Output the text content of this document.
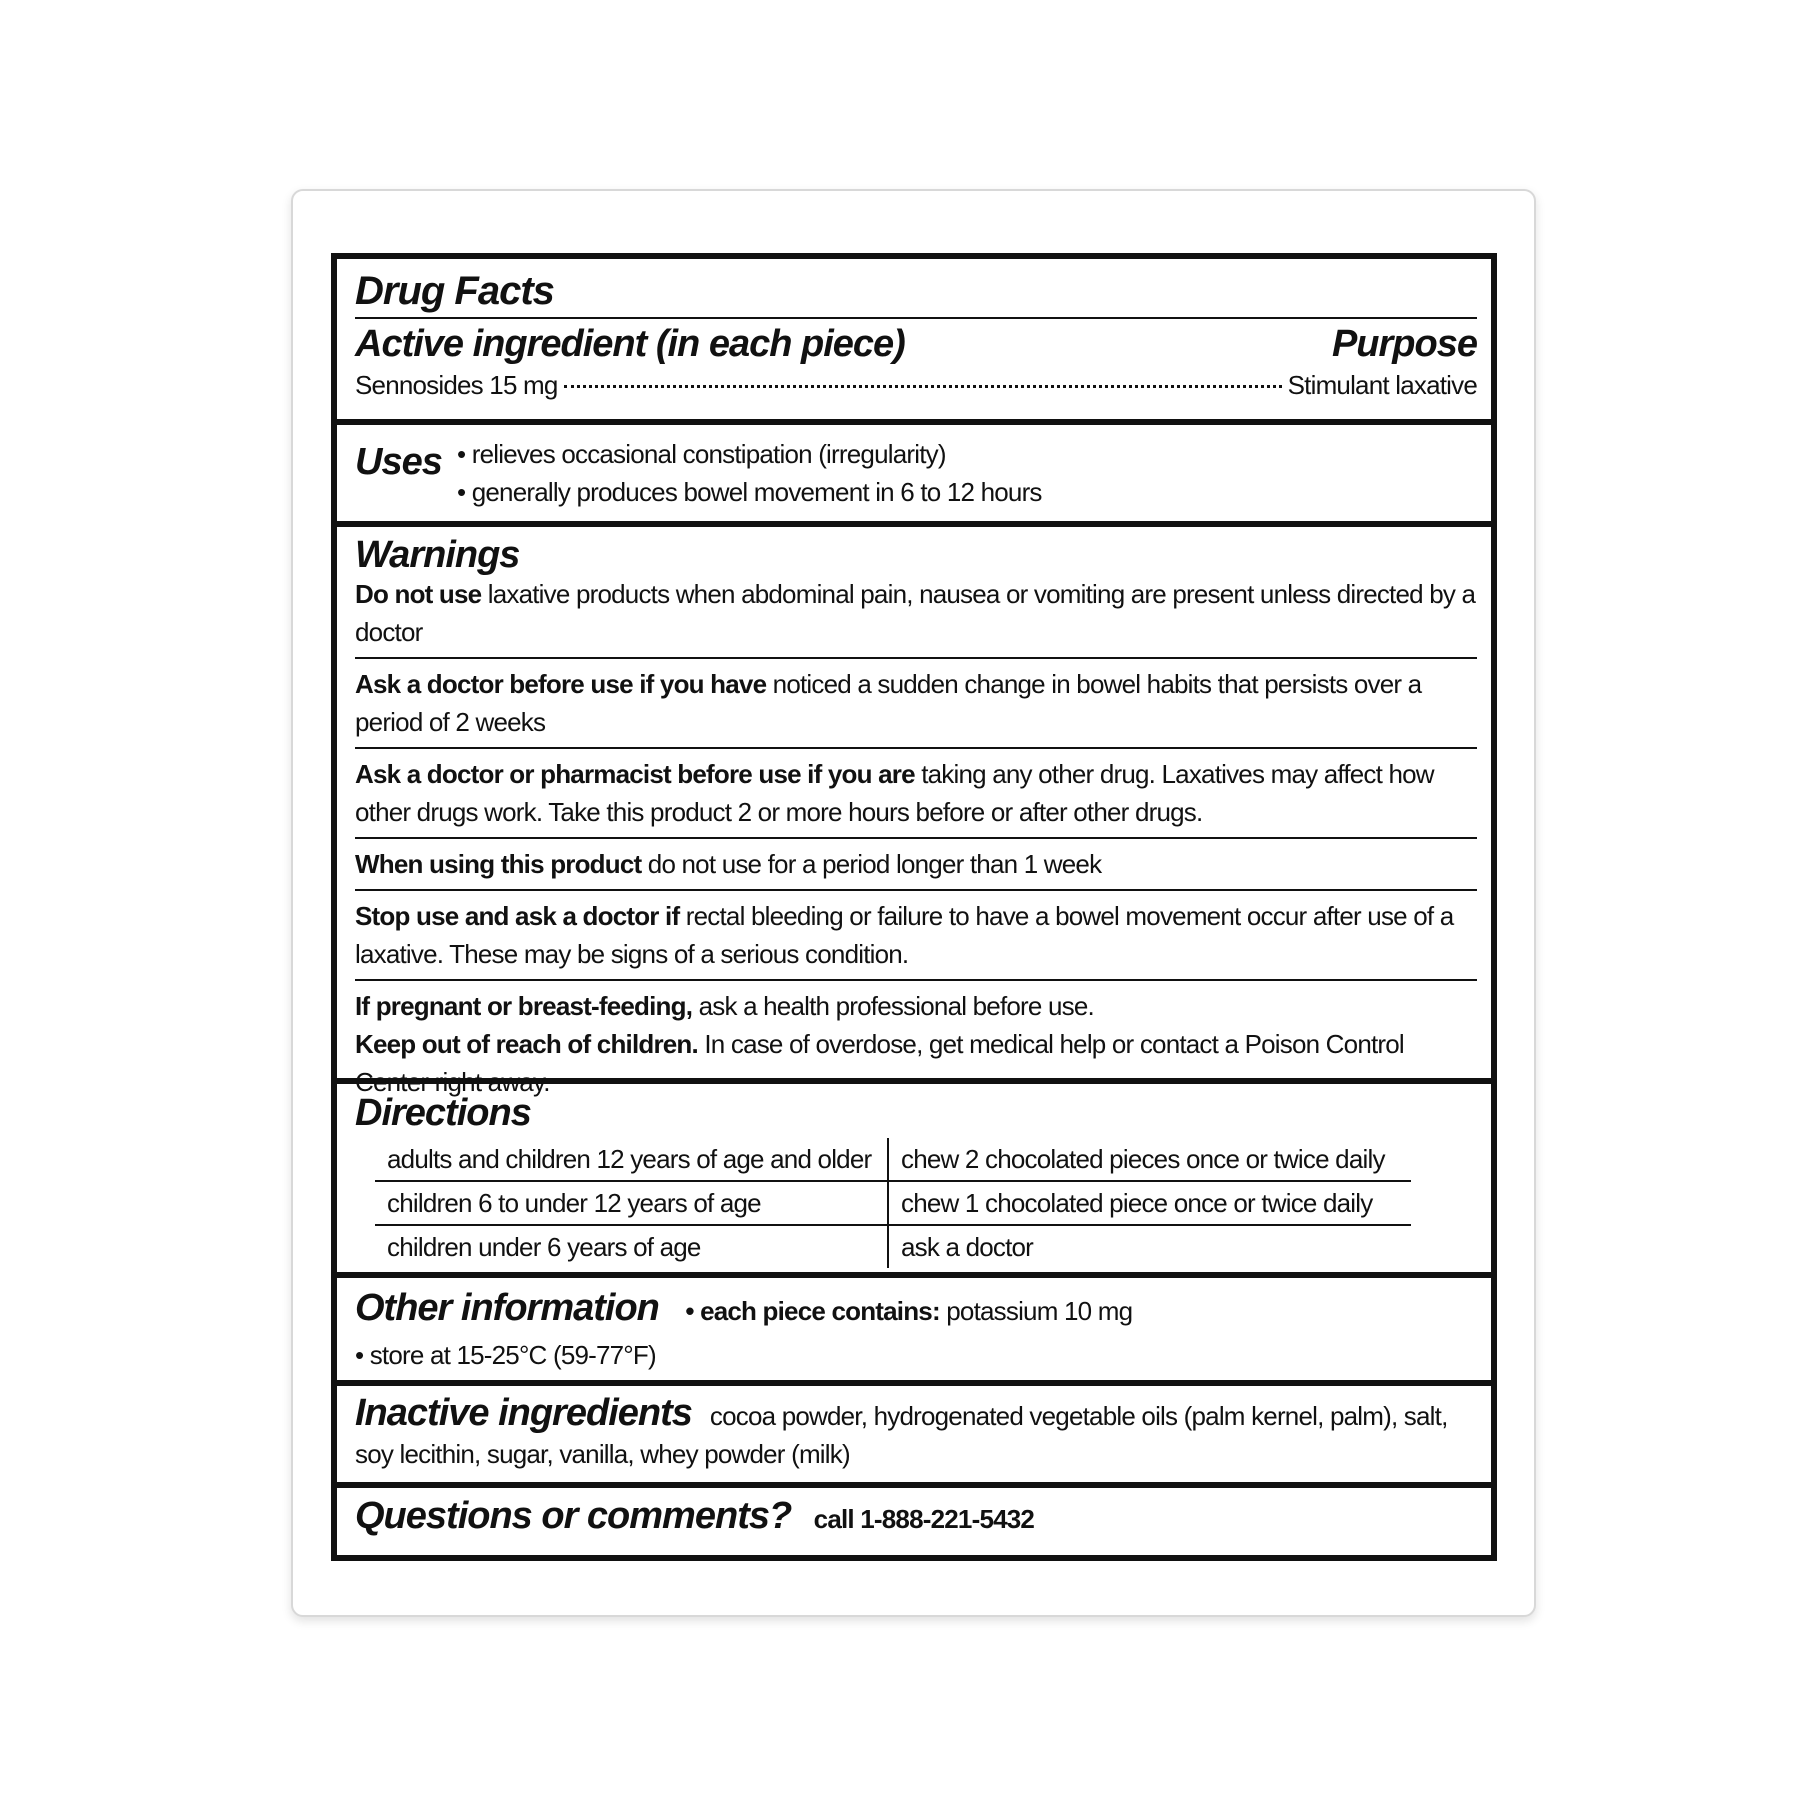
Drug Facts
Active ingredient (in each piece)	Purpose
Sennosides 15 mg	Stimulant laxative
Uses • relieves occasional constipation (irregularity)
• generally produces bowel movement in 6 to 12 hours
Warnings
Do not use laxative products when abdominal pain, nausea or vomiting are present unless directed by a doctor
Ask a doctor before use if you have noticed a sudden change in bowel habits that persists over a period of 2 weeks
Ask a doctor or pharmacist before use if you are taking any other drug. Laxatives may affect how other drugs work. Take this product 2 or more hours before or after other drugs.
When using this product do not use for a period longer than 1 week
Stop use and ask a doctor if rectal bleeding or failure to have a bowel movement occur after use of a laxative. These may be signs of a serious condition.
If pregnant or breast-feeding, ask a health professional before use.
Keep out of reach of children. In case of overdose, get medical help or contact a Poison Control Center right away.
Directions
adults and children 12 years of age and older	chew 2 chocolated pieces once or twice daily
children 6 to under 12 years of age	chew 1 chocolated piece once or twice daily
children under 6 years of age	ask a doctor
Other information • each piece contains: potassium 10 mg
• store at 15-25°C (59-77°F)
Inactive ingredients cocoa powder, hydrogenated vegetable oils (palm kernel, palm), salt, soy lecithin, sugar, vanilla, whey powder (milk)
Questions or comments? call 1-888-221-5432
